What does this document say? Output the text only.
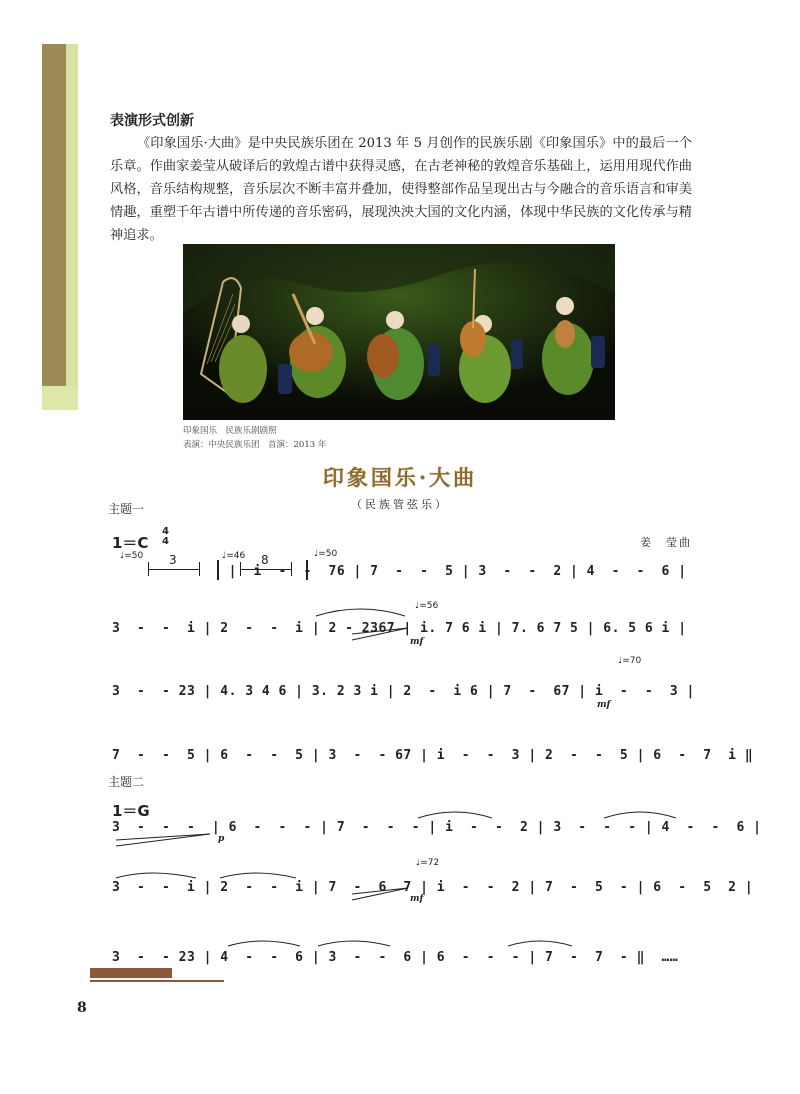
表演形式创新
《印象国乐·大曲》是中央民族乐团在 2013 年 5 月创作的民族乐剧《印象国乐》中的最后一个乐章。作曲家姜莹从破译后的敦煌古谱中获得灵感，在古老神秘的敦煌音乐基础上，运用用现代作曲风格，音乐结构规整，音乐层次不断丰富并叠加，使得整部作品呈现出古与今融合的音乐语言和审美情趣，重塑千年古谱中所传递的音乐密码，展现泱泱大国的文化内涵，体现中华民族的文化传承与精神追求。
印象国乐　民族乐剧剧照
表演：中央民族乐团　首演：2013 年
印象国乐·大曲
（民族管弦乐）
主题一
1＝C
4
4	姜　莹曲
♩=50	♩=46	♩=50
♩=56
♩=70
3	8
|  i  -  -  76 | 7  -  -  5 | 3  -  -  2 | 4  -  -  6 |
3  -  -  i | 2  -  -  i | 2 - 2367 | i. 7 6 i | 7. 6 7 5 | 6. 5 6 i |
3  -  - 23 | 4. 3 4 6 | 3. 2 3 i | 2  -  i 6 | 7  -  67 | i  -  -  3 |
7  -  -  5 | 6  -  -  5 | 3  -  - 67 | i  -  -  3 | 2  -  -  5 | 6  -  7  i ‖
mf
mf
主题二
1＝G
♩=72
3  -  -  -  | 6  -  -  - | 7  -  -  - | i  -  -  2 | 3  -  -  - | 4  -  -  6 |
3  -  -  i | 2  -  -  i | 7  -  6  7 | i  -  -  2 | 7  -  5  - | 6  -  5  2 |
3  -  - 23 | 4  -  -  6 | 3  -  -  6 | 6  -  -  - | 7  -  7  - ‖  ……
p
mf
8
